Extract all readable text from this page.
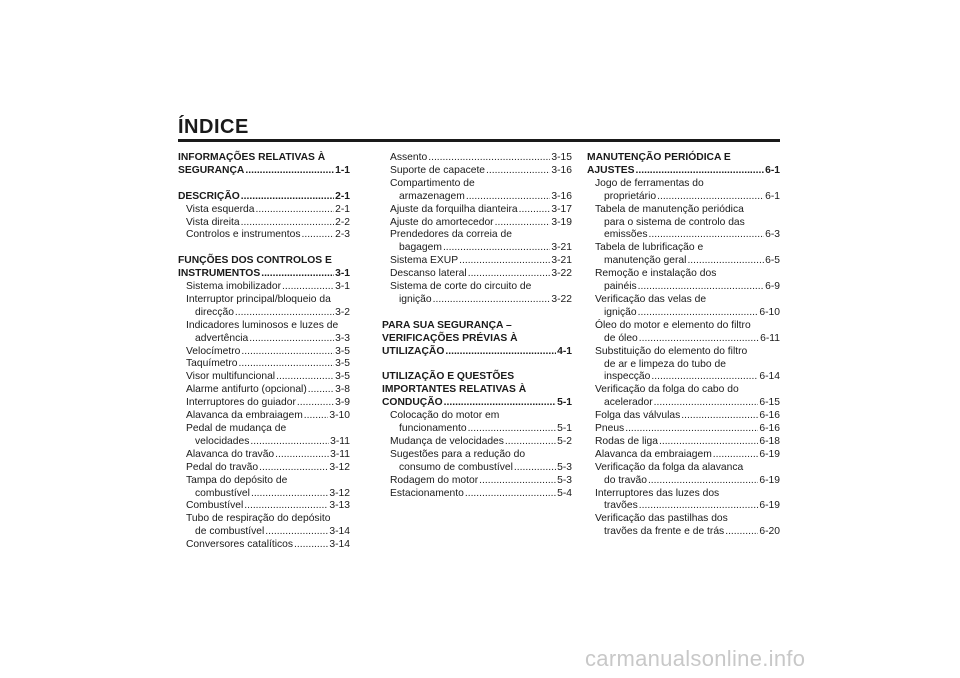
ÍNDICE
INFORMAÇÕES RELATIVAS À
SEGURANÇA .....	1-1
DESCRIÇÃO .....	2-1
Vista esquerda .....	2-1
Vista direita .....	2-2
Controlos e instrumentos .....	2-3
FUNÇÕES DOS CONTROLOS E
INSTRUMENTOS .....	3-1
Sistema imobilizador .....	3-1
Interruptor principal/bloqueio da
direcção .....	3-2
Indicadores luminosos e luzes de
advertência .....	3-3
Velocímetro .....	3-5
Taquímetro .....	3-5
Visor multifuncional .....	3-5
Alarme antifurto (opcional) .....	3-8
Interruptores do guiador .....	3-9
Alavanca da embraiagem .....	3-10
Pedal de mudança de
velocidades .....	3-11
Alavanca do travão .....	3-11
Pedal do travão .....	3-12
Tampa do depósito de
combustível .....	3-12
Combustível .....	3-13
Tubo de respiração do depósito
de combustível .....	3-14
Conversores catalíticos .....	3-14
Assento .....	3-15
Suporte de capacete .....	3-16
Compartimento de
armazenagem .....	3-16
Ajuste da forquilha dianteira .....	3-17
Ajuste do amortecedor .....	3-19
Prendedores da correia de
bagagem .....	3-21
Sistema EXUP .....	3-21
Descanso lateral .....	3-22
Sistema de corte do circuito de
ignição .....	3-22
PARA SUA SEGURANÇA –
VERIFICAÇÕES PRÉVIAS À
UTILIZAÇÃO .....	4-1
UTILIZAÇÃO E QUESTÕES
IMPORTANTES RELATIVAS À
CONDUÇÃO .....	5-1
Colocação do motor em
funcionamento .....	5-1
Mudança de velocidades .....	5-2
Sugestões para a redução do
consumo de combustível .....	5-3
Rodagem do motor .....	5-3
Estacionamento .....	5-4
MANUTENÇÃO PERIÓDICA E
AJUSTES .....	6-1
Jogo de ferramentas do
proprietário .....	6-1
Tabela de manutenção periódica
para o sistema de controlo das
emissões .....	6-3
Tabela de lubrificação e
manutenção geral .....	6-5
Remoção e instalação dos
painéis .....	6-9
Verificação das velas de
ignição .....	6-10
Óleo do motor e elemento do filtro
de óleo .....	6-11
Substituição do elemento do filtro
de ar e limpeza do tubo de
inspecção .....	6-14
Verificação da folga do cabo do
acelerador .....	6-15
Folga das válvulas .....	6-16
Pneus .....	6-16
Rodas de liga .....	6-18
Alavanca da embraiagem .....	6-19
Verificação da folga da alavanca
do travão .....	6-19
Interruptores das luzes dos
travões .....	6-19
Verificação das pastilhas dos
travões da frente e de trás .....	6-20
carmanualsonline.info
